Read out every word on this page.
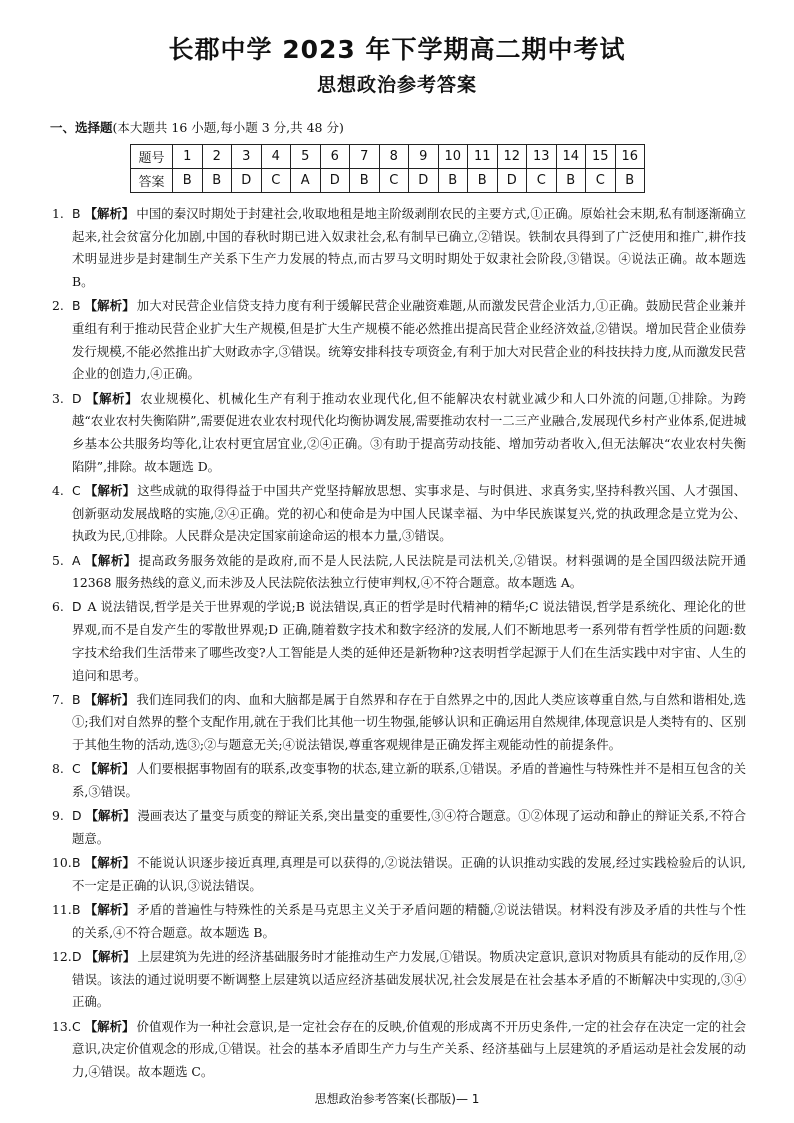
长郡中学 2023 年下学期高二期中考试
思想政治参考答案
一、选择题(本大题共 16 小题,每小题 3 分,共 48 分)
题号	1	2	3	4	5	6	7	8	9	10	11	12	13	14	15	16
答案	B	B	D	C	A	D	B	C	D	B	B	D	C	B	C	B
1. B 【解析】 中国的秦汉时期处于封建社会,收取地租是地主阶级剥削农民的主要方式,①正确。原始社会末期,私有制逐渐确立起来,社会贫富分化加剧,中国的春秋时期已进入奴隶社会,私有制早已确立,②错误。铁制农具得到了广泛使用和推广,耕作技术明显进步是封建制生产关系下生产力发展的特点,而古罗马文明时期处于奴隶社会阶段,③错误。④说法正确。故本题选 B。
2. B 【解析】 加大对民营企业信贷支持力度有利于缓解民营企业融资难题,从而激发民营企业活力,①正确。鼓励民营企业兼并重组有利于推动民营企业扩大生产规模,但是扩大生产规模不能必然推出提高民营企业经济效益,②错误。增加民营企业债券发行规模,不能必然推出扩大财政赤字,③错误。统筹安排科技专项资金,有利于加大对民营企业的科技扶持力度,从而激发民营企业的创造力,④正确。
3. D 【解析】 农业规模化、机械化生产有利于推动农业现代化,但不能解决农村就业减少和人口外流的问题,①排除。为跨越“农业农村失衡陷阱”,需要促进农业农村现代化均衡协调发展,需要推动农村一二三产业融合,发展现代乡村产业体系,促进城乡基本公共服务均等化,让农村更宜居宜业,②④正确。③有助于提高劳动技能、增加劳动者收入,但无法解决“农业农村失衡陷阱”,排除。故本题选 D。
4. C 【解析】 这些成就的取得得益于中国共产党坚持解放思想、实事求是、与时俱进、求真务实,坚持科教兴国、人才强国、创新驱动发展战略的实施,②④正确。党的初心和使命是为中国人民谋幸福、为中华民族谋复兴,党的执政理念是立党为公、执政为民,①排除。人民群众是决定国家前途命运的根本力量,③错误。
5. A 【解析】 提高政务服务效能的是政府,而不是人民法院,人民法院是司法机关,②错误。材料强调的是全国四级法院开通 12368 服务热线的意义,而未涉及人民法院依法独立行使审判权,④不符合题意。故本题选 A。
6. D A 说法错误,哲学是关于世界观的学说;B 说法错误,真正的哲学是时代精神的精华;C 说法错误,哲学是系统化、理论化的世界观,而不是自发产生的零散世界观;D 正确,随着数字技术和数字经济的发展,人们不断地思考一系列带有哲学性质的问题:数字技术给我们生活带来了哪些改变?人工智能是人类的延伸还是新物种?这表明哲学起源于人们在生活实践中对宇宙、人生的追问和思考。
7. B 【解析】 我们连同我们的肉、血和大脑都是属于自然界和存在于自然界之中的,因此人类应该尊重自然,与自然和谐相处,选①;我们对自然界的整个支配作用,就在于我们比其他一切生物强,能够认识和正确运用自然规律,体现意识是人类特有的、区别于其他生物的活动,选③;②与题意无关;④说法错误,尊重客观规律是正确发挥主观能动性的前提条件。
8. C 【解析】 人们要根据事物固有的联系,改变事物的状态,建立新的联系,①错误。矛盾的普遍性与特殊性并不是相互包含的关系,③错误。
9. D 【解析】 漫画表达了量变与质变的辩证关系,突出量变的重要性,③④符合题意。①②体现了运动和静止的辩证关系,不符合题意。
10. B 【解析】 不能说认识逐步接近真理,真理是可以获得的,②说法错误。正确的认识推动实践的发展,经过实践检验后的认识,不一定是正确的认识,③说法错误。
11. B 【解析】 矛盾的普遍性与特殊性的关系是马克思主义关于矛盾问题的精髓,②说法错误。材料没有涉及矛盾的共性与个性的关系,④不符合题意。故本题选 B。
12. D 【解析】 上层建筑为先进的经济基础服务时才能推动生产力发展,①错误。物质决定意识,意识对物质具有能动的反作用,②错误。该法的通过说明要不断调整上层建筑以适应经济基础发展状况,社会发展是在社会基本矛盾的不断解决中实现的,③④正确。
13. C 【解析】 价值观作为一种社会意识,是一定社会存在的反映,价值观的形成离不开历史条件,一定的社会存在决定一定的社会意识,决定价值观念的形成,①错误。社会的基本矛盾即生产力与生产关系、经济基础与上层建筑的矛盾运动是社会发展的动力,④错误。故本题选 C。
思想政治参考答案(长郡版)— 1
